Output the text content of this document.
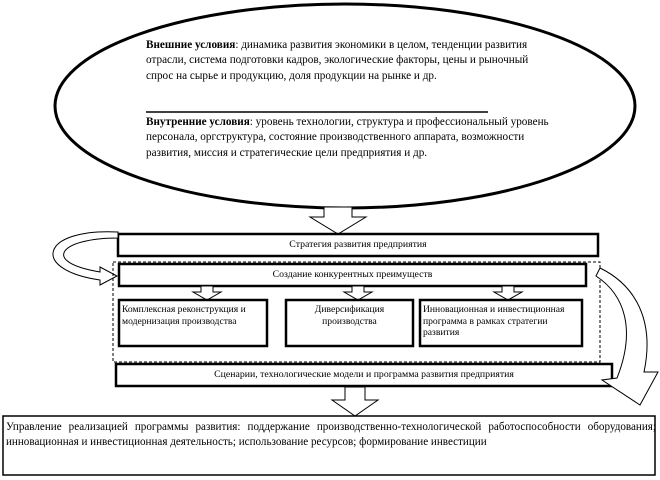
Внешние условия: динамика развития экономики в целом, тенденции развития отрасли, система подготовки кадров, экологические факторы, цены и рыночный спрос на сырье и продукцию, доля продукции на рынке и др.
Внутренние условия: уровень технологии, структура и профессиональный уровень персонала, оргструктура, состояние производственного аппарата, возможности развития, миссия и стратегические цели предприятия и др.
Стратегия развития предприятия
Создание конкурентных преимуществ
Комплексная реконструкция и модернизация производства
Диверсификация производства
Инновационная и инвестиционная программа в рамках стратегии развития
Сценарии, технологические модели и программа развития предприятия
Управление реализацией программы развития: поддержание производственно-технологической работоспособности оборудования; инновационная и инвестиционная деятельность; использование ресурсов; формирование инвестиции
